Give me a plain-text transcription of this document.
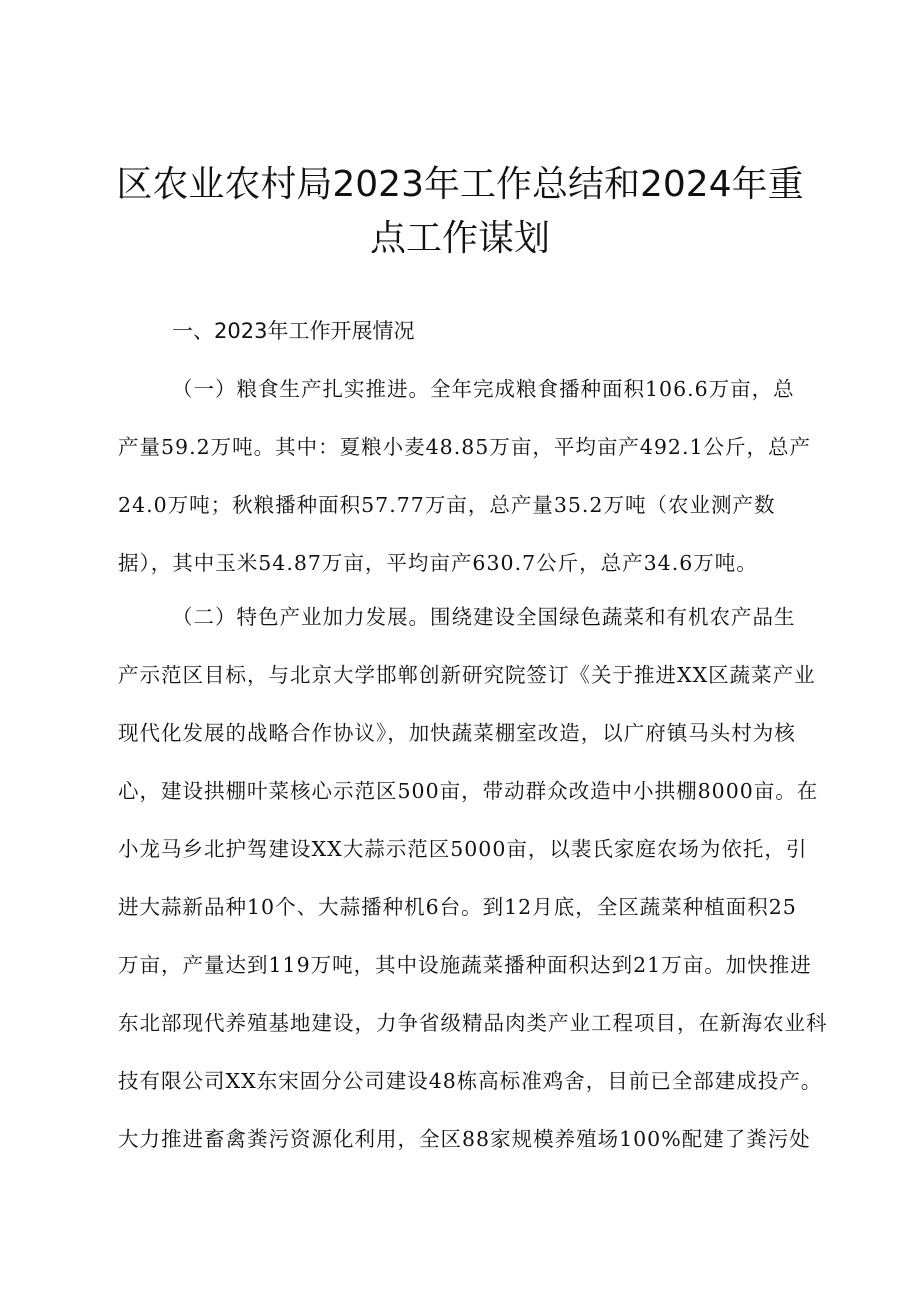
区农业农村局2023年工作总结和2024年重
点工作谋划
一、2023年工作开展情况
（一）粮食生产扎实推进。全年完成粮食播种面积106.6万亩，总
产量59.2万吨。其中：夏粮小麦48.85万亩，平均亩产492.1公斤，总产
24.0万吨；秋粮播种面积57.77万亩，总产量35.2万吨（农业测产数
据），其中玉米54.87万亩，平均亩产630.7公斤，总产34.6万吨。
（二）特色产业加力发展。围绕建设全国绿色蔬菜和有机农产品生
产示范区目标，与北京大学邯郸创新研究院签订《关于推进XX区蔬菜产业
现代化发展的战略合作协议》，加快蔬菜棚室改造，以广府镇马头村为核
心，建设拱棚叶菜核心示范区500亩，带动群众改造中小拱棚8000亩。在
小龙马乡北护驾建设XX大蒜示范区5000亩，以裴氏家庭农场为依托，引
进大蒜新品种10个、大蒜播种机6台。到12月底，全区蔬菜种植面积25
万亩，产量达到119万吨，其中设施蔬菜播种面积达到21万亩。加快推进
东北部现代养殖基地建设，力争省级精品肉类产业工程项目，在新海农业科
技有限公司XX东宋固分公司建设48栋高标准鸡舍，目前已全部建成投产。
大力推进畜禽粪污资源化利用，全区88家规模养殖场100%配建了粪污处
